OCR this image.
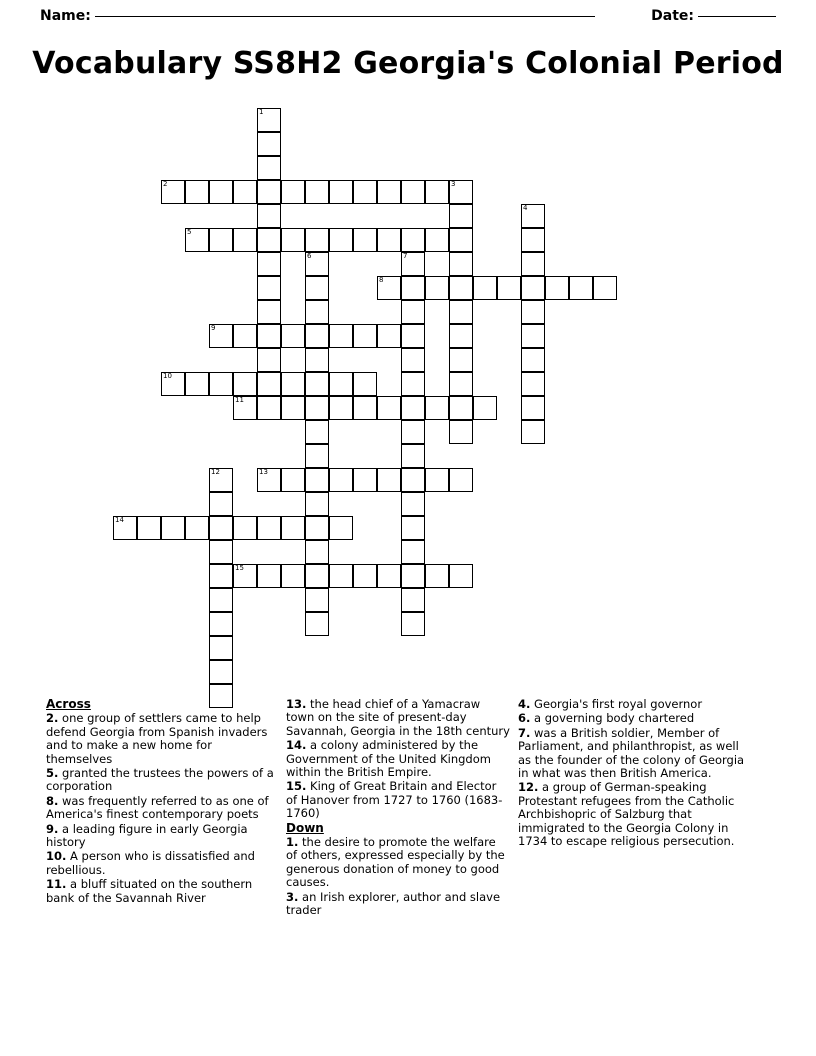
Name:	Date:
Vocabulary SS8H2 Georgia's Colonial Period
1
2	3
4
5
6	7
8
9
10
11
12	13
14
15
Across
2. one group of settlers came to help defend Georgia from Spanish invaders and to make a new home for themselves
5. granted the trustees the powers of a corporation
8. was frequently referred to as one of America's finest contemporary poets
9. a leading figure in early Georgia history
10. A person who is dissatisfied and rebellious.
11. a bluff situated on the southern bank of the Savannah River
13. the head chief of a Yamacraw town on the site of present-day Savannah, Georgia in the 18th century
14. a colony administered by the Government of the United Kingdom within the British Empire.
15. King of Great Britain and Elector of Hanover from 1727 to 1760 (1683-1760)
Down
1. the desire to promote the welfare of others, expressed especially by the generous donation of money to good causes.
3. an Irish explorer, author and slave trader
4. Georgia's first royal governor
6. a governing body chartered
7. was a British soldier, Member of Parliament, and philanthropist, as well as the founder of the colony of Georgia in what was then British America.
12. a group of German-speaking Protestant refugees from the Catholic Archbishopric of Salzburg that immigrated to the Georgia Colony in 1734 to escape religious persecution.
